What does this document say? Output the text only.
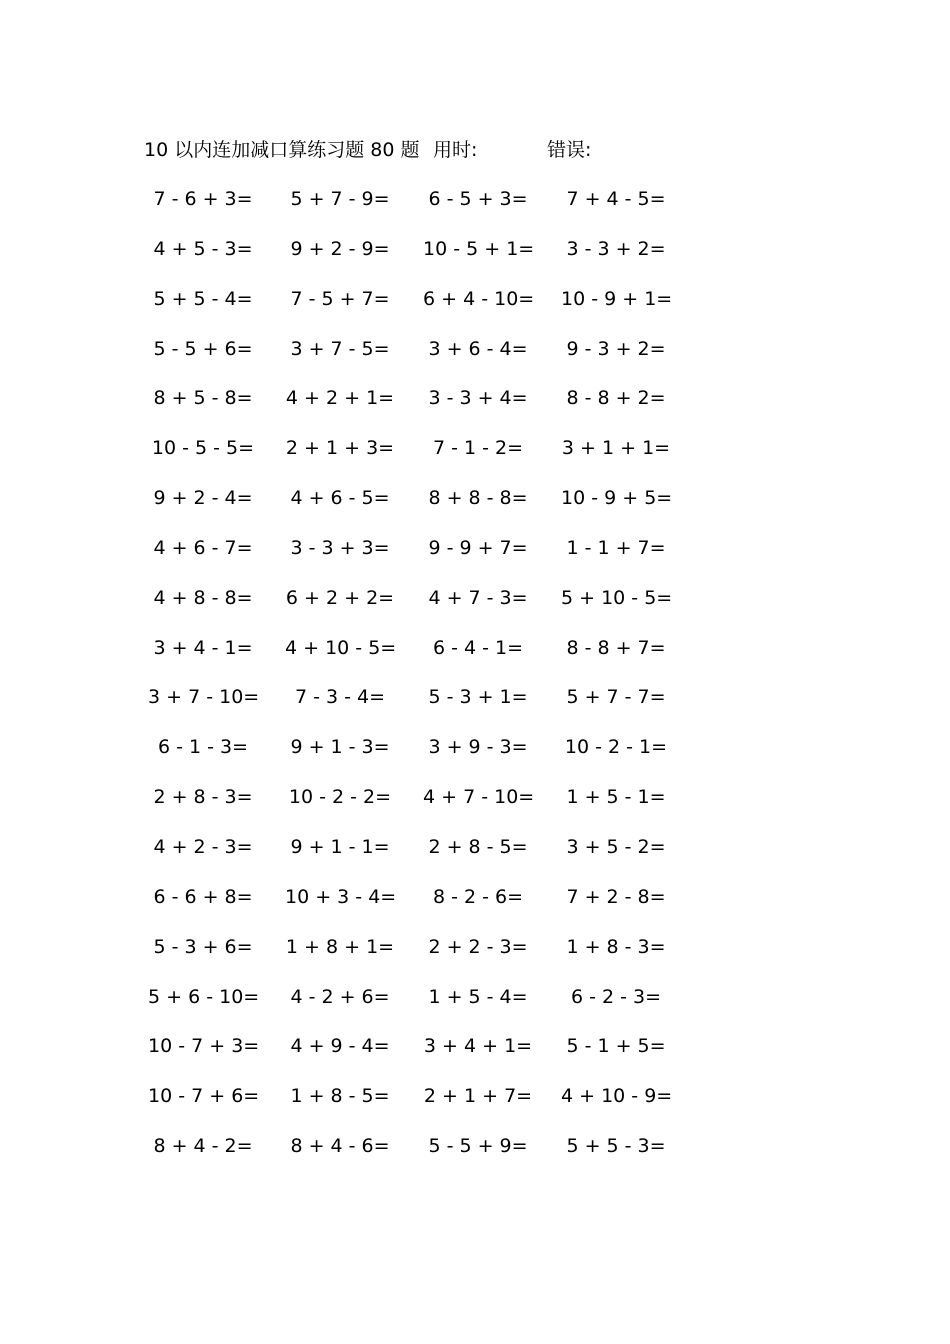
10 以内连加减口算练习题 80 题 用时:	错误:
7 - 6 + 3= 5 + 7 - 9= 6 - 5 + 3= 7 + 4 - 5=
4 + 5 - 3= 9 + 2 - 9= 10 - 5 + 1= 3 - 3 + 2=
5 + 5 - 4= 7 - 5 + 7= 6 + 4 - 10= 10 - 9 + 1=
5 - 5 + 6= 3 + 7 - 5= 3 + 6 - 4= 9 - 3 + 2=
8 + 5 - 8= 4 + 2 + 1= 3 - 3 + 4= 8 - 8 + 2=
10 - 5 - 5= 2 + 1 + 3=	7 - 1 - 2=	3 + 1 + 1=
9 + 2 - 4= 4 + 6 - 5= 8 + 8 - 8= 10 - 9 + 5=
4 + 6 - 7= 3 - 3 + 3= 9 - 9 + 7= 1 - 1 + 7=
4 + 8 - 8= 6 + 2 + 2= 4 + 7 - 3= 5 + 10 - 5=
3 + 4 - 1= 4 + 10 - 5=	6 - 4 - 1=	8 - 8 + 7=
3 + 7 - 10=	7 - 3 - 4=	5 - 3 + 1= 5 + 7 - 7=
6 - 1 - 3=	9 + 1 - 3= 3 + 9 - 3= 10 - 2 - 1=
2 + 8 - 3= 10 - 2 - 2= 4 + 7 - 10= 1 + 5 - 1=
4 + 2 - 3= 9 + 1 - 1= 2 + 8 - 5= 3 + 5 - 2=
6 - 6 + 8= 10 + 3 - 4=	8 - 2 - 6=	7 + 2 - 8=
5 - 3 + 6= 1 + 8 + 1= 2 + 2 - 3= 1 + 8 - 3=
5 + 6 - 10= 4 - 2 + 6= 1 + 5 - 4=	6 - 2 - 3=
10 - 7 + 3= 4 + 9 - 4= 3 + 4 + 1= 5 - 1 + 5=
10 - 7 + 6= 1 + 8 - 5= 2 + 1 + 7= 4 + 10 - 9=
8 + 4 - 2= 8 + 4 - 6= 5 - 5 + 9= 5 + 5 - 3=
